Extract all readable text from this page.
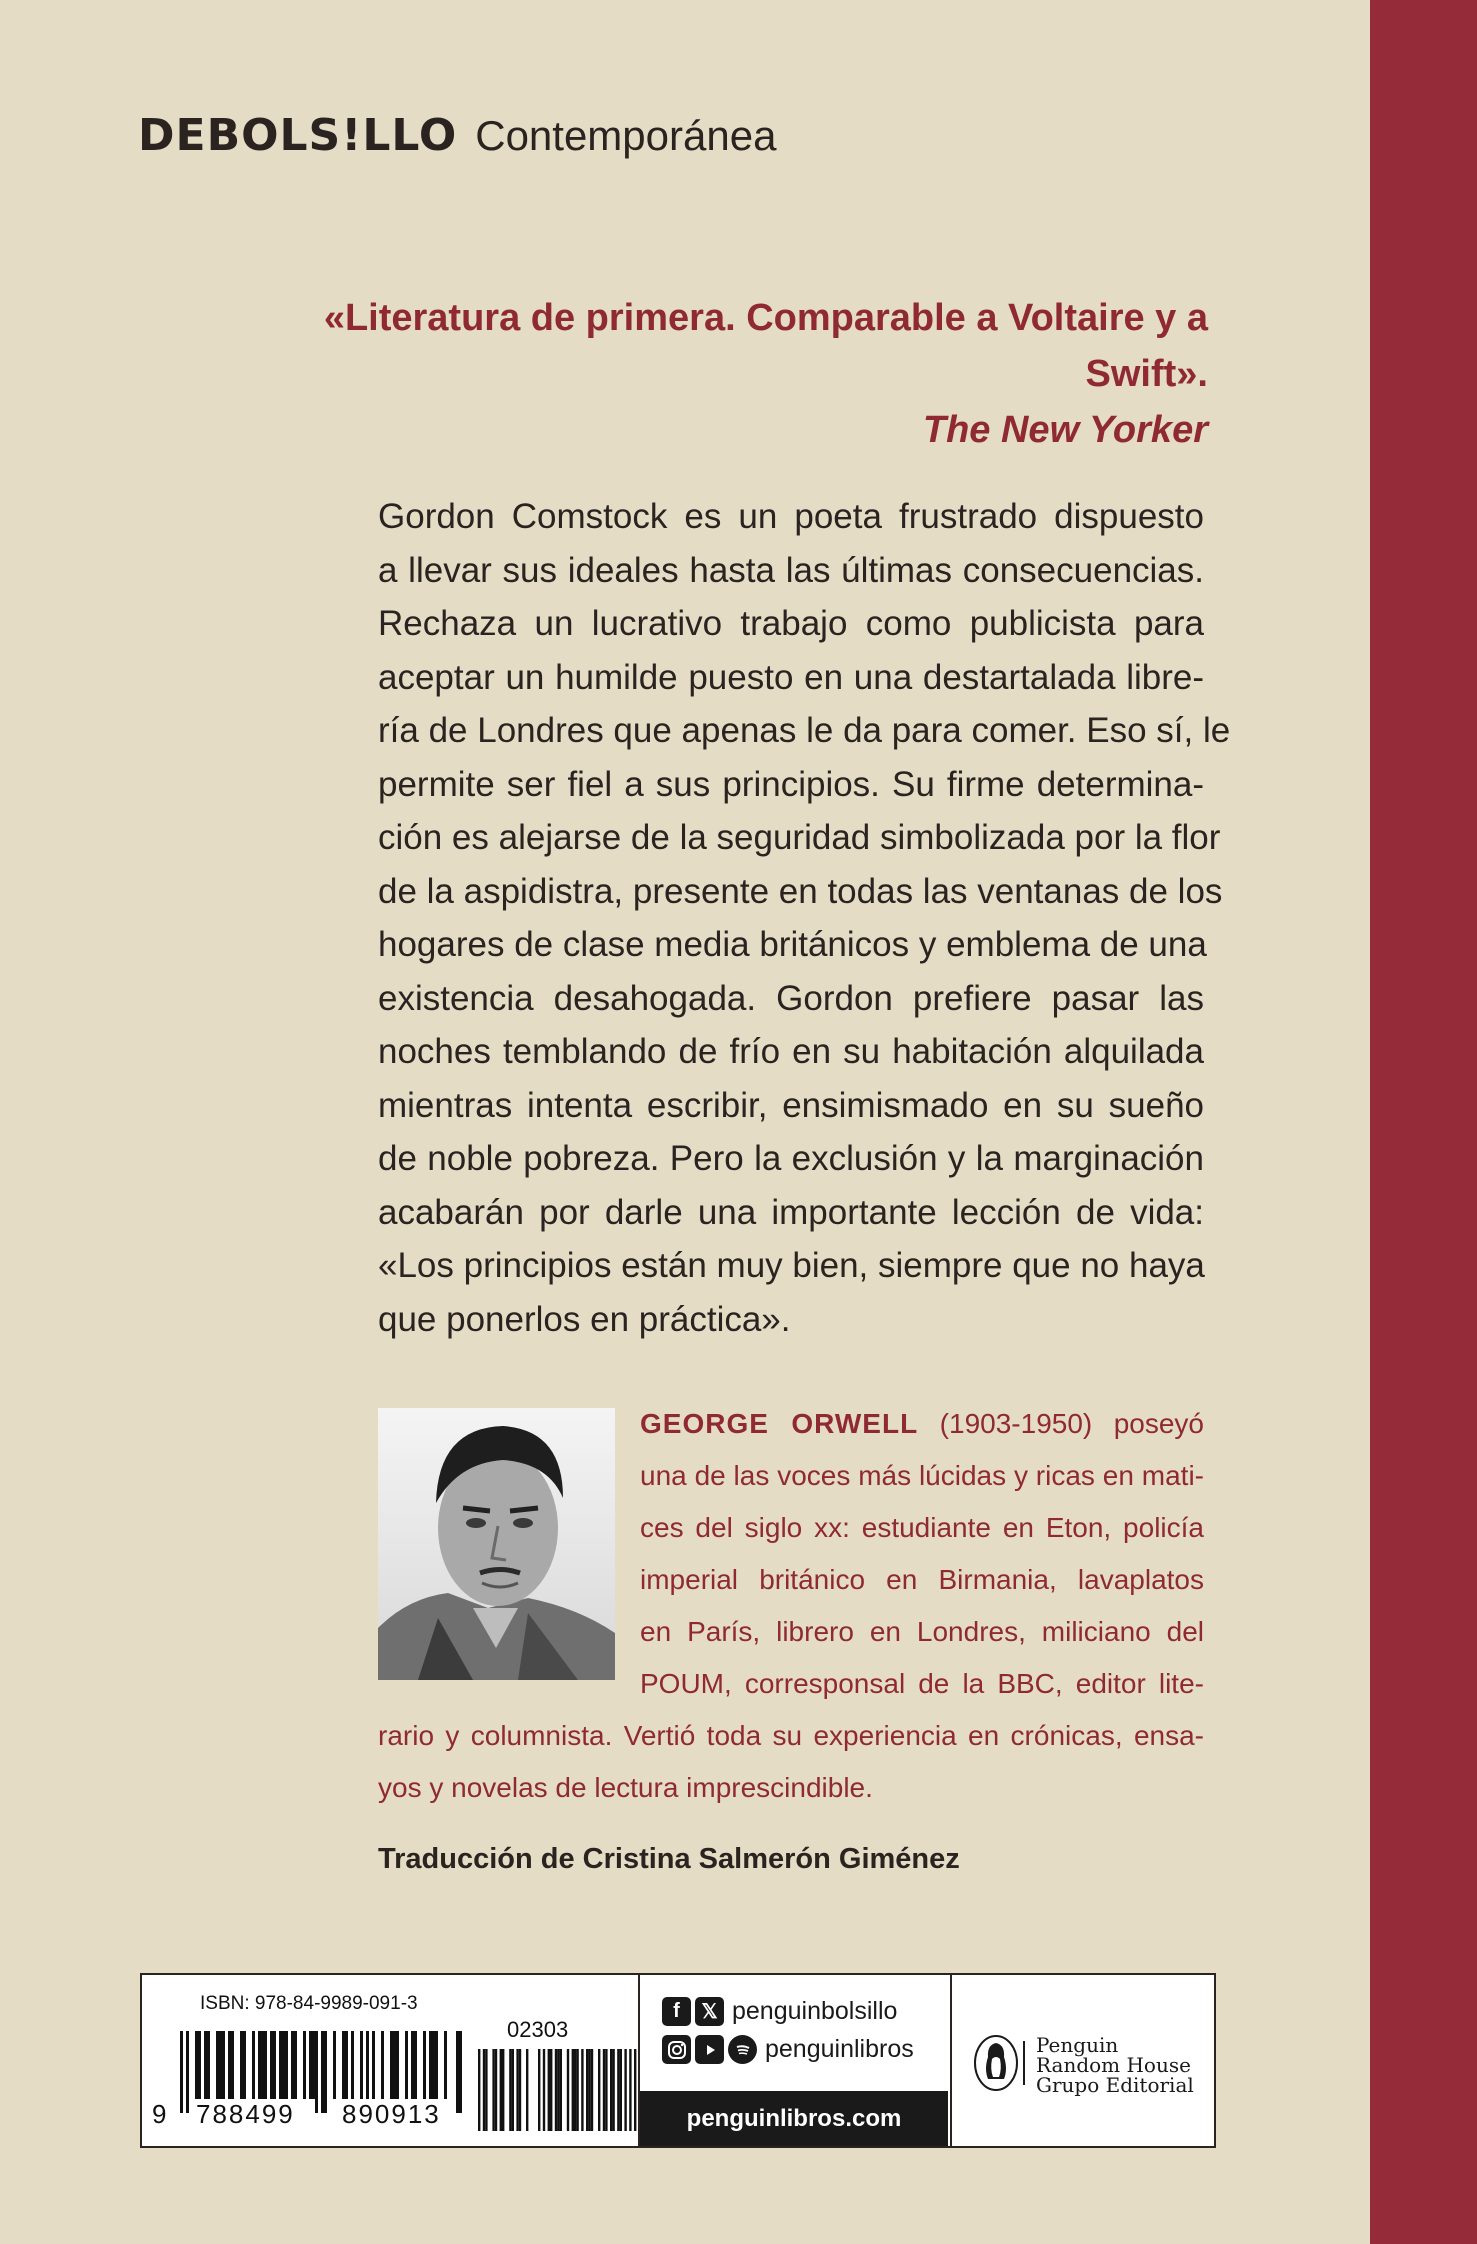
DEBOLS!LLO Contemporánea
«Literatura de primera. Comparable a Voltaire y a Swift».
The New Yorker
Gordon Comstock es un poeta frustrado dispuesto
a llevar sus ideales hasta las últimas consecuencias.
Rechaza un lucrativo trabajo como publicista para
aceptar un humilde puesto en una destartalada libre-
ría de Londres que apenas le da para comer. Eso sí, le
permite ser fiel a sus principios. Su firme determina-
ción es alejarse de la seguridad simbolizada por la flor
de la aspidistra, presente en todas las ventanas de los
hogares de clase media británicos y emblema de una
existencia desahogada. Gordon prefiere pasar las
noches temblando de frío en su habitación alquilada
mientras intenta escribir, ensimismado en su sueño
de noble pobreza. Pero la exclusión y la marginación
acabarán por darle una importante lección de vida:
«Los principios están muy bien, siempre que no haya
que ponerlos en práctica».
GEORGE ORWELL (1903-1950) poseyó
una de las voces más lúcidas y ricas en mati-
ces del siglo xx: estudiante en Eton, policía
imperial británico en Birmania, lavaplatos
en París, librero en Londres, miliciano del
POUM, corresponsal de la BBC, editor lite-
rario y columnista. Vertió toda su experiencia en crónicas, ensa-
yos y novelas de lectura imprescindible.
Traducción de Cristina Salmerón Giménez
ISBN: 978-84-9989-091-3
02303
9 788499 890913
f	𝕏 penguinbolsillo
penguinlibros
penguinlibros.com
Penguin
Random House
Grupo Editorial
